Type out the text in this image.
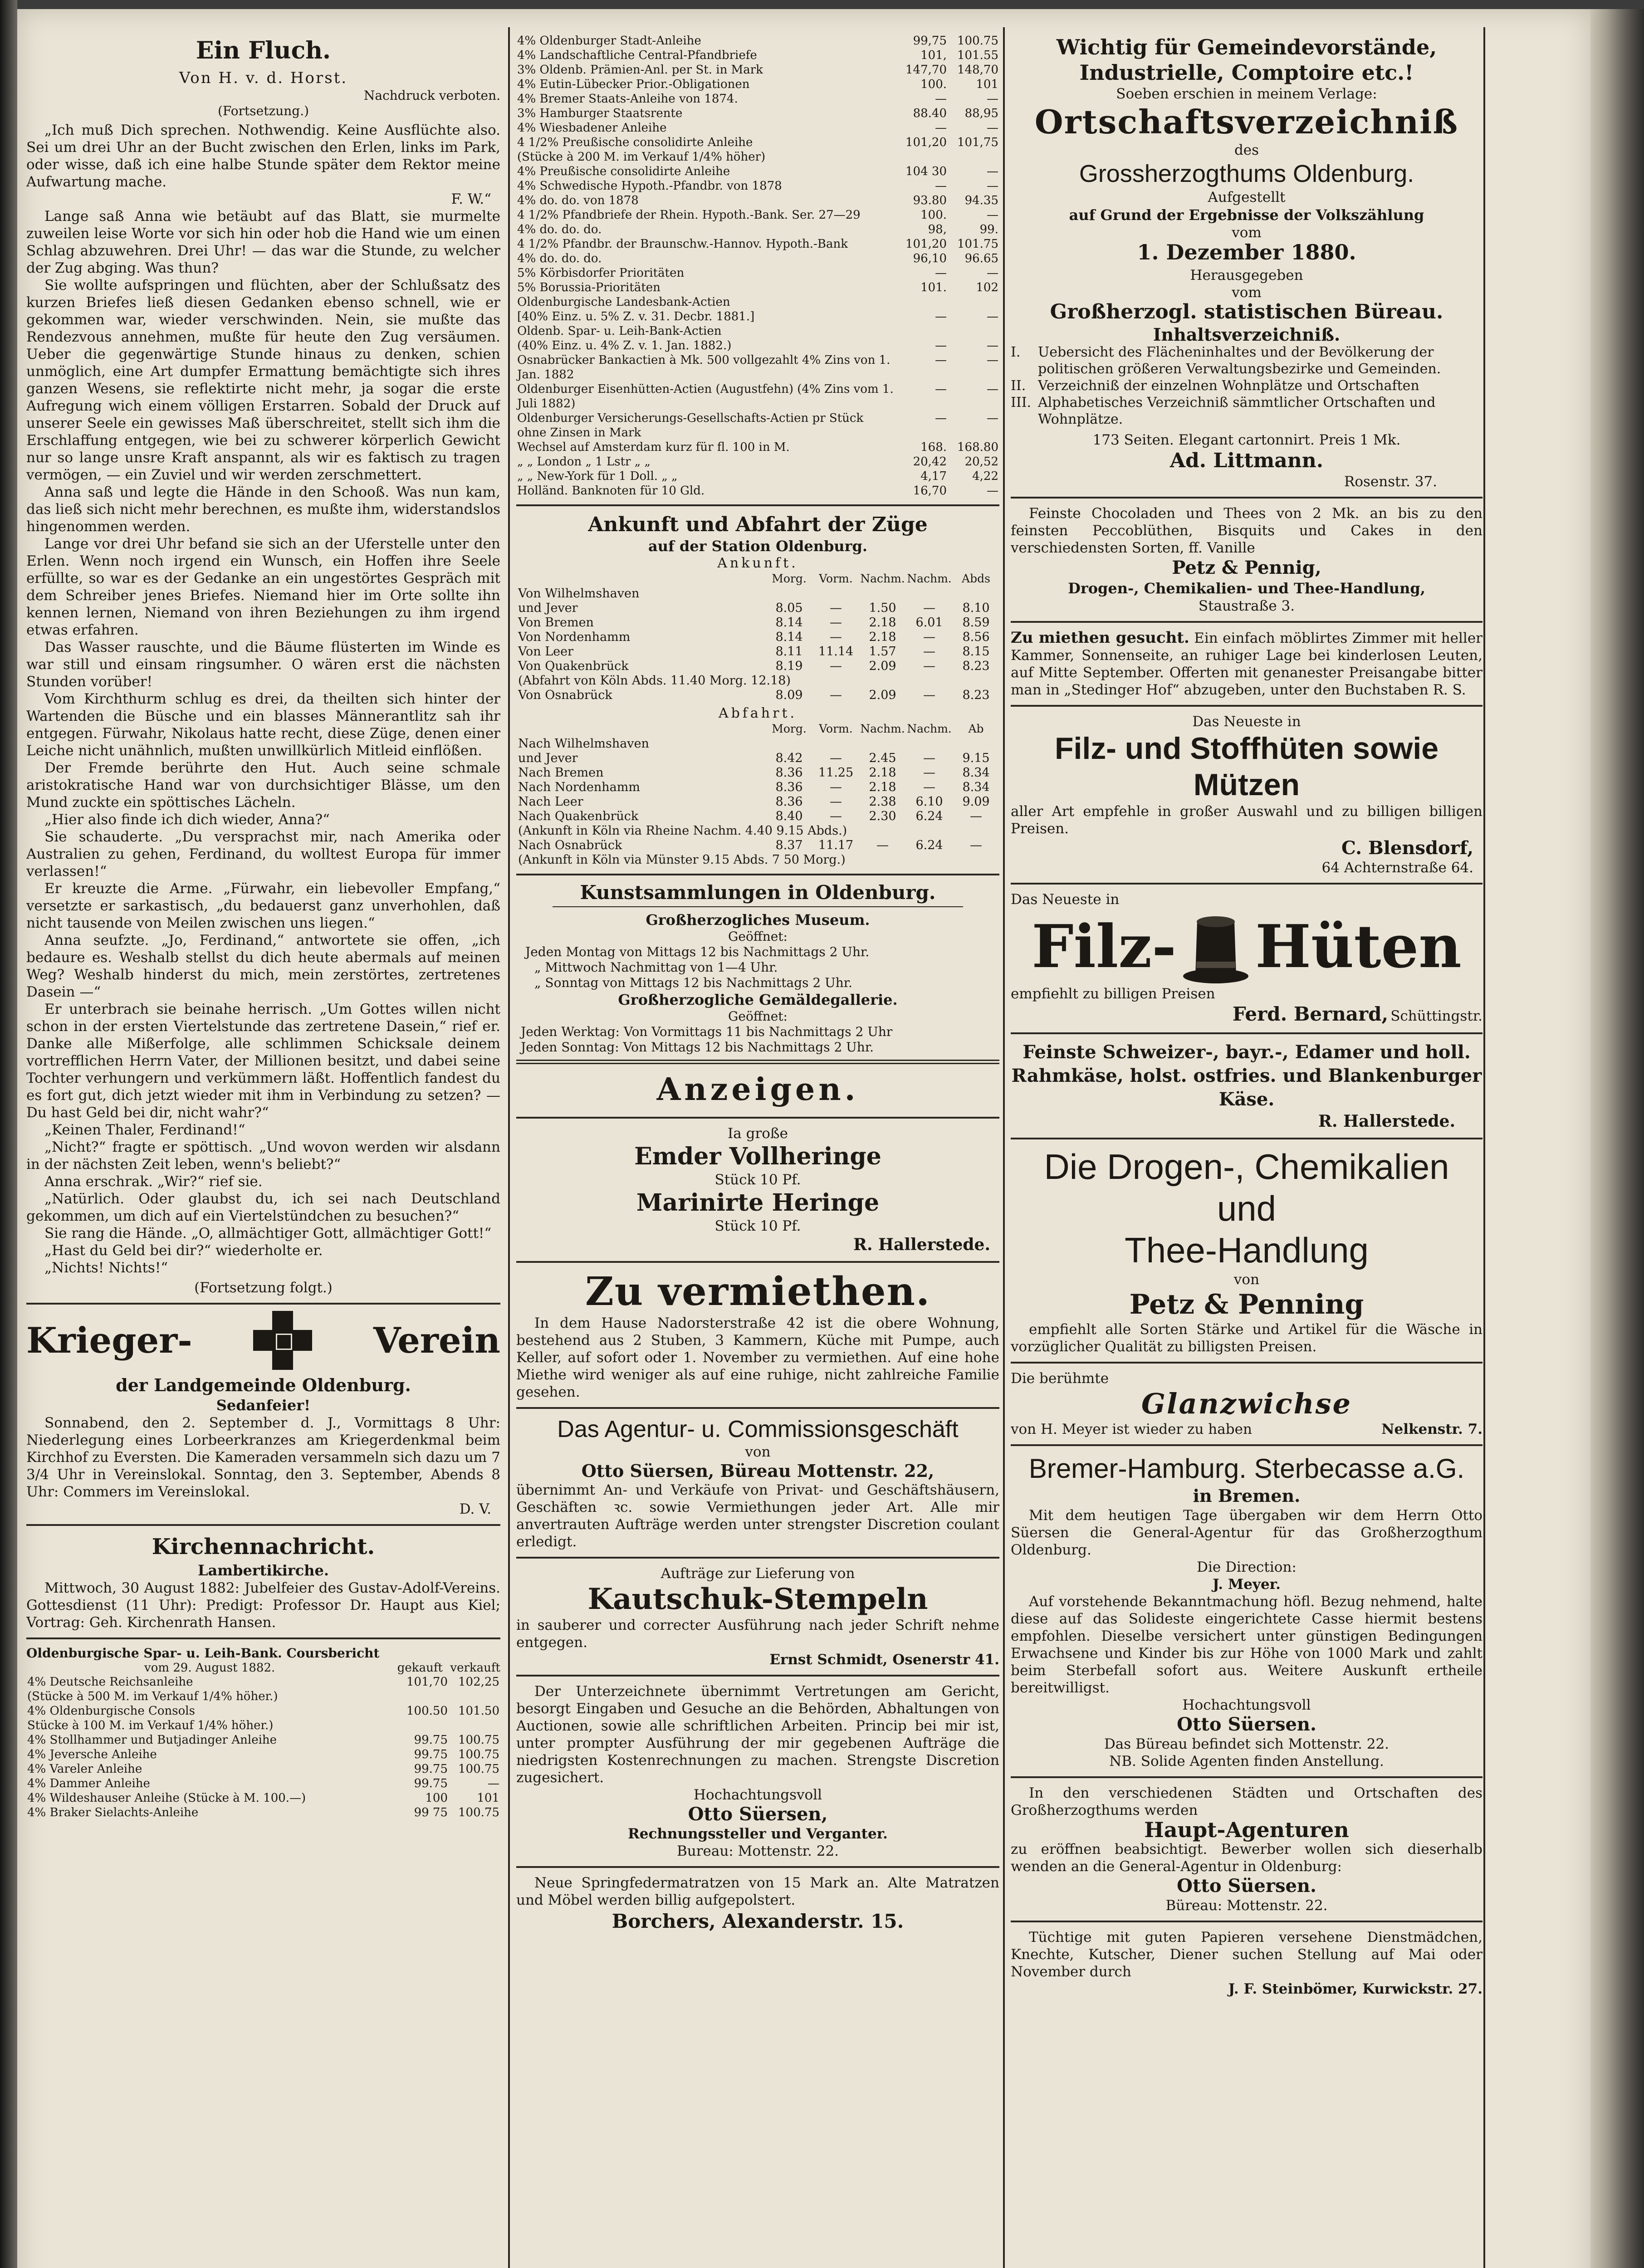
Ein Fluch.
Von H. v. d. Horst.
Nachdruck verboten.
(Fortsetzung.)

„Ich muß Dich sprechen. Nothwendig. Keine Ausflüchte also. Sei um drei Uhr an der Bucht zwischen den Erlen, links im Park, oder wisse, daß ich eine halbe Stunde später dem Rektor meine Aufwartung mache.

F. W.“

Lange saß Anna wie betäubt auf das Blatt, sie murmelte zuweilen leise Worte vor sich hin oder hob die Hand wie um einen Schlag abzuwehren. Drei Uhr! — das war die Stunde, zu welcher der Zug abging. Was thun?

Sie wollte aufspringen und flüchten, aber der Schlußsatz des kurzen Briefes ließ diesen Gedanken ebenso schnell, wie er gekommen war, wieder verschwinden. Nein, sie mußte das Rendezvous annehmen, mußte für heute den Zug versäumen. Ueber die gegenwärtige Stunde hinaus zu denken, schien unmöglich, eine Art dumpfer Ermattung bemächtigte sich ihres ganzen Wesens, sie reflektirte nicht mehr, ja sogar die erste Aufregung wich einem völligen Erstarren. Sobald der Druck auf unserer Seele ein gewisses Maß überschreitet, stellt sich ihm die Erschlaffung entgegen, wie bei zu schwerer körperlich Gewicht nur so lange unsre Kraft anspannt, als wir es faktisch zu tragen vermögen, — ein Zuviel und wir werden zerschmettert.

Anna saß und legte die Hände in den Schooß. Was nun kam, das ließ sich nicht mehr berechnen, es mußte ihm, widerstandslos hingenommen werden.

Lange vor drei Uhr befand sie sich an der Uferstelle unter den Erlen. Wenn noch irgend ein Wunsch, ein Hoffen ihre Seele erfüllte, so war es der Gedanke an ein ungestörtes Gespräch mit dem Schreiber jenes Briefes. Niemand hier im Orte sollte ihn kennen lernen, Niemand von ihren Beziehungen zu ihm irgend etwas erfahren.

Das Wasser rauschte, und die Bäume flüsterten im Winde es war still und einsam ringsumher. O wären erst die nächsten Stunden vorüber!

Vom Kirchthurm schlug es drei, da theilten sich hinter der Wartenden die Büsche und ein blasses Männerantlitz sah ihr entgegen. Fürwahr, Nikolaus hatte recht, diese Züge, denen einer Leiche nicht unähnlich, mußten unwillkürlich Mitleid einflößen.

Der Fremde berührte den Hut. Auch seine schmale aristokratische Hand war von durchsichtiger Blässe, um den Mund zuckte ein spöttisches Lächeln.

„Hier also finde ich dich wieder, Anna?“

Sie schauderte. „Du versprachst mir, nach Amerika oder Australien zu gehen, Ferdinand, du wolltest Europa für immer verlassen!“

Er kreuzte die Arme. „Fürwahr, ein liebevoller Empfang,“ versetzte er sarkastisch, „du bedauerst ganz unverhohlen, daß nicht tausende von Meilen zwischen uns liegen.“

Anna seufzte. „Jo, Ferdinand,“ antwortete sie offen, „ich bedaure es. Weshalb stellst du dich heute abermals auf meinen Weg? Weshalb hinderst du mich, mein zerstörtes, zertretenes Dasein —“

Er unterbrach sie beinahe herrisch. „Um Gottes willen nicht schon in der ersten Viertelstunde das zertretene Dasein,“ rief er. Danke alle Mißerfolge, alle schlimmen Schicksale deinem vortrefflichen Herrn Vater, der Millionen besitzt, und dabei seine Tochter verhungern und verkümmern läßt. Hoffentlich fandest du es fort gut, dich jetzt wieder mit ihm in Verbindung zu setzen? — Du hast Geld bei dir, nicht wahr?“

„Keinen Thaler, Ferdinand!“

„Nicht?“ fragte er spöttisch. „Und wovon werden wir alsdann in der nächsten Zeit leben, wenn's beliebt?“

Anna erschrak. „Wir?“ rief sie.

„Natürlich. Oder glaubst du, ich sei nach Deutschland gekommen, um dich auf ein Viertelstündchen zu besuchen?“

Sie rang die Hände. „O, allmächtiger Gott, allmächtiger Gott!“

„Hast du Geld bei dir?“ wiederholte er.

„Nichts! Nichts!“

(Fortsetzung folgt.)
Krieger-	Verein
der Landgemeinde Oldenburg.
Sedanfeier!
Sonnabend, den 2. September d. J., Vormittags 8 Uhr: Niederlegung eines Lorbeerkranzes am Kriegerdenkmal beim Kirchhof zu Eversten. Die Kameraden versammeln sich dazu um 7 3/4 Uhr in Vereinslokal. Sonntag, den 3. September, Abends 8 Uhr: Commers im Vereinslokal.
D. V.
Kirchennachricht.
Lambertikirche.
Mittwoch, 30 August 1882: Jubelfeier des Gustav-Adolf-Vereins. Gottesdienst (11 Uhr): Predigt: Professor Dr. Haupt aus Kiel; Vortrag: Geh. Kirchenrath Hansen.
Oldenburgische Spar- u. Leih-Bank. Coursbericht
vom 29. August 1882.	gekauft verkauft
4% Deutsche Reichsanleihe	101,70	102,25
(Stücke à 500 M. im Verkauf 1/4% höher.)		
4% Oldenburgische Consols	100.50	101.50
Stücke à 100 M. im Verkauf 1/4% höher.)		
4% Stollhammer und Butjadinger Anleihe	99.75	100.75
4% Jeversche Anleihe	99.75	100.75
4% Vareler Anleihe	99.75	100.75
4% Dammer Anleihe	99.75	—
4% Wildeshauser Anleihe (Stücke à M. 100.—)	100	101
4% Braker Sielachts-Anleihe	99 75	100.75
4% Oldenburger Stadt-Anleihe	99,75	100.75
4% Landschaftliche Central-Pfandbriefe	101,	101.55
3% Oldenb. Prämien-Anl. per St. in Mark	147,70	148,70
4% Eutin-Lübecker Prior.-Obligationen	100.	101
4% Bremer Staats-Anleihe von 1874.	—	—
3% Hamburger Staatsrente	88.40	88,95
4% Wiesbadener Anleihe	—	—
4 1/2% Preußische consolidirte Anleihe	101,20	101,75
(Stücke à 200 M. im Verkauf 1/4% höher)		
4% Preußische consolidirte Anleihe	104 30	—
4% Schwedische Hypoth.-Pfandbr. von 1878	—	—
4% do. do. von 1878	93.80	94.35
4 1/2% Pfandbriefe der Rhein. Hypoth.-Bank. Ser. 27—29	100.	—
4% do. do. do.	98,	99.
4 1/2% Pfandbr. der Braunschw.-Hannov. Hypoth.-Bank	101,20	101.75
4% do. do. do.	96,10	96.65
5% Körbisdorfer Prioritäten	—	—
5% Borussia-Prioritäten	101.	102
Oldenburgische Landesbank-Actien		
[40% Einz. u. 5% Z. v. 31. Decbr. 1881.]	—	—
Oldenb. Spar- u. Leih-Bank-Actien		
(40% Einz. u. 4% Z. v. 1. Jan. 1882.)	—	—
Osnabrücker Bankactien à Mk. 500 vollgezahlt 4% Zins von 1. Jan. 1882	—	—
Oldenburger Eisenhütten-Actien (Augustfehn) (4% Zins vom 1. Juli 1882)	—	—
Oldenburger Versicherungs-Gesellschafts-Actien pr Stück ohne Zinsen in Mark	—	—
Wechsel auf Amsterdam kurz für fl. 100 in M.	168.	168.80
„ „ London „ 1 Lstr „ „	20,42	20,52
„ „ New-York für 1 Doll. „ „	4,17	4,22
Holländ. Banknoten für 10 Gld.	16,70	—
Ankunft und Abfahrt der Züge
auf der Station Oldenburg.
Ankunft.
	Morg.	Vorm.	Nachm.	Nachm.	Abds
Von Wilhelmshaven					
und Jever	8.05	—	1.50	—	8.10
Von Bremen	8.14	—	2.18	6.01	8.59
Von Nordenhamm	8.14	—	2.18	—	8.56
Von Leer	8.11	11.14	1.57	—	8.15
Von Quakenbrück	8.19	—	2.09	—	8.23
(Abfahrt von Köln Abds. 11.40 Morg. 12.18)					
Von Osnabrück	8.09	—	2.09	—	8.23
Abfahrt.
	Morg.	Vorm.	Nachm.	Nachm.	Ab
Nach Wilhelmshaven					
und Jever	8.42	—	2.45	—	9.15
Nach Bremen	8.36	11.25	2.18	—	8.34
Nach Nordenhamm	8.36	—	2.18	—	8.34
Nach Leer	8.36	—	2.38	6.10	9.09
Nach Quakenbrück	8.40	—	2.30	6.24	—
(Ankunft in Köln via Rheine Nachm. 4.40 9.15 Abds.)					
Nach Osnabrück	8.37	11.17	—	6.24	—
(Ankunft in Köln via Münster 9.15 Abds. 7 50 Morg.)					
Kunstsammlungen in Oldenburg.
Großherzogliches Museum.
Geöffnet:
Jeden Montag von Mittags 12 bis Nachmittags 2 Uhr.
„ Mittwoch Nachmittag von 1—4 Uhr.
„ Sonntag von Mittags 12 bis Nachmittags 2 Uhr.
Großherzogliche Gemäldegallerie.
Geöffnet:
Jeden Werktag: Von Vormittags 11 bis Nachmittags 2 Uhr
Jeden Sonntag: Von Mittags 12 bis Nachmittags 2 Uhr.
Anzeigen.
Ia große
Emder Vollheringe
Stück 10 Pf.
Marinirte Heringe
Stück 10 Pf.
R. Hallerstede.
Zu vermiethen.
In dem Hause Nadorsterstraße 42 ist die obere Wohnung, bestehend aus 2 Stuben, 3 Kammern, Küche mit Pumpe, auch Keller, auf sofort oder 1. November zu vermiethen. Auf eine hohe Miethe wird weniger als auf eine ruhige, nicht zahlreiche Familie gesehen.
Das Agentur- u. Commissionsgeschäft
von
Otto Süersen, Büreau Mottenstr. 22,
übernimmt An- und Verkäufe von Privat- und Geschäftshäusern, Geschäften ꝛc. sowie Vermiethungen jeder Art. Alle mir anvertrauten Aufträge werden unter strengster Discretion coulant erledigt.
Aufträge zur Lieferung von
Kautschuk-Stempeln
in sauberer und correcter Ausführung nach jeder Schrift nehme entgegen.
Ernst Schmidt, Osenerstr 41.
Der Unterzeichnete übernimmt Vertretungen am Gericht, besorgt Eingaben und Gesuche an die Behörden, Abhaltungen von Auctionen, sowie alle schriftlichen Arbeiten. Princip bei mir ist, unter prompter Ausführung der mir gegebenen Aufträge die niedrigsten Kostenrechnungen zu machen. Strengste Discretion zugesichert.
Hochachtungsvoll
Otto Süersen,
Rechnungssteller und Verganter.
Bureau: Mottenstr. 22.
Neue Springfedermatratzen von 15 Mark an. Alte Matratzen und Möbel werden billig aufgepolstert.
Borchers, Alexanderstr. 15.
Wichtig für Gemeindevorstände, Industrielle, Comptoire etc.!
Soeben erschien in meinem Verlage:
Ortschaftsverzeichniß
des
Grossherzogthums Oldenburg.
Aufgestellt
auf Grund der Ergebnisse der Volkszählung
vom
1. Dezember 1880.
Herausgegeben
vom
Großherzogl. statistischen Büreau.
Inhaltsverzeichniß.
I.	Uebersicht des Flächeninhaltes und der Bevölkerung der politischen größeren Verwaltungsbezirke und Gemeinden.
II. Verzeichniß der einzelnen Wohnplätze und Ortschaften
III. Alphabetisches Verzeichniß sämmtlicher Ortschaften und Wohnplätze.
173 Seiten. Elegant cartonnirt. Preis 1 Mk.
Ad. Littmann.
Rosenstr. 37.
Feinste Chocoladen und Thees von 2 Mk. an bis zu den feinsten Peccoblüthen, Bisquits und Cakes in den verschiedensten Sorten, ff. Vanille
Petz & Pennig,
Drogen-, Chemikalien- und Thee-Handlung,
Staustraße 3.
Zu miethen gesucht. Ein einfach möblirtes Zimmer mit heller Kammer, Sonnenseite, an ruhiger Lage bei kinderlosen Leuten, auf Mitte September. Offerten mit genanester Preisangabe bitter man in „Stedinger Hof“ abzugeben, unter den Buchstaben R. S.
Das Neueste in
Filz- und Stoffhüten sowie Mützen
aller Art empfehle in großer Auswahl und zu billigen billigen Preisen.
C. Blensdorf,
64 Achternstraße 64.
Das Neueste in
Filz- Hüten
empfiehlt zu billigen Preisen
Ferd. Bernard, Schüttingstr.
Feinste Schweizer-, bayr.-, Edamer und holl. Rahmkäse, holst. ostfries. und Blankenburger Käse.
R. Hallerstede.
Die Drogen-, Chemikalien und
Thee-Handlung
von
Petz & Penning
empfiehlt alle Sorten Stärke und Artikel für die Wäsche in vorzüglicher Qualität zu billigsten Preisen.
Die berühmte
Glanzwichse
von H. Meyer ist wieder zu haben	Nelkenstr. 7.
Bremer-Hamburg. Sterbecasse a.G.
in Bremen.
Mit dem heutigen Tage übergaben wir dem Herrn Otto Süersen die General-Agentur für das Großherzogthum Oldenburg.
Die Direction:
J. Meyer.
Auf vorstehende Bekanntmachung höfl. Bezug nehmend, halte diese auf das Solideste eingerichtete Casse hiermit bestens empfohlen. Dieselbe versichert unter günstigen Bedingungen Erwachsene und Kinder bis zur Höhe von 1000 Mark und zahlt beim Sterbefall sofort aus. Weitere Auskunft ertheile bereitwilligst.
Hochachtungsvoll
Otto Süersen.
Das Büreau befindet sich Mottenstr. 22.
NB. Solide Agenten finden Anstellung.
In den verschiedenen Städten und Ortschaften des Großherzogthums werden
Haupt-Agenturen
zu eröffnen beabsichtigt. Bewerber wollen sich dieserhalb wenden an die General-Agentur in Oldenburg:
Otto Süersen.
Büreau: Mottenstr. 22.
Tüchtige mit guten Papieren versehene Dienstmädchen, Knechte, Kutscher, Diener suchen Stellung auf Mai oder November durch
J. F. Steinbömer, Kurwickstr. 27.
